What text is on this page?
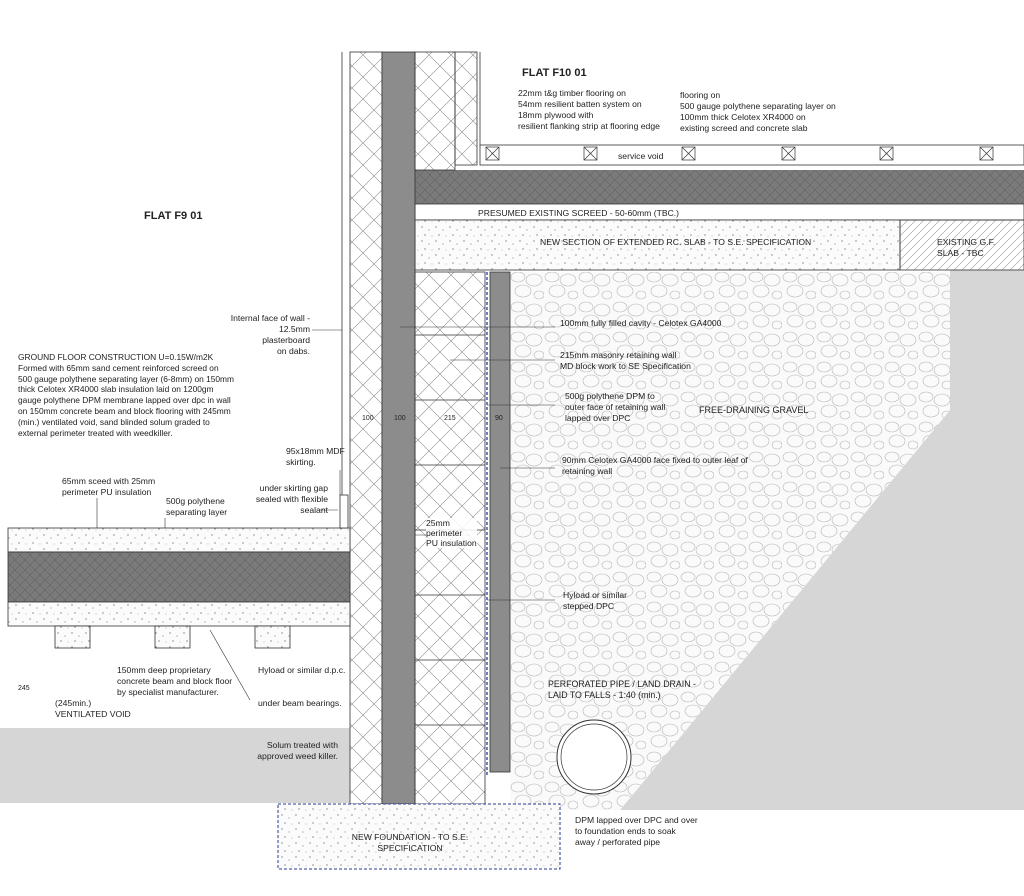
FLAT F10 01
FLAT F9 01
22mm t&g timber flooring on
54mm resilient batten system on
18mm plywood with
resilient flanking strip at flooring edge
flooring on
500 gauge polythene separating layer on
100mm thick Celotex XR4000 on
existing screed and concrete slab
service void
PRESUMED EXISTING SCREED - 50-60mm (TBC.)
NEW SECTION OF EXTENDED RC. SLAB - TO S.E. SPECIFICATION	EXISTING G.F.
SLAB - TBC
Internal face of wall -
12.5mm plasterboard
on dabs.
GROUND FLOOR CONSTRUCTION U=0.15W/m2K
Formed with 65mm sand cement reinforced screed on
500 gauge polythene separating layer (6-8mm) on 150mm
thick Celotex XR4000 slab insulation laid on 1200gm
gauge polythene DPM membrane lapped over dpc in wall
on 150mm concrete beam and block flooring with 245mm
(min.) ventilated void, sand blinded solum graded to
external perimeter treated with weedkiller.
100mm fully filled cavity - Celotex GA4000
215mm masonry retaining wall
MD block work to SE Specification
500g polythene DPM to
outer face of retaining wall
lapped over DPC
FREE-DRAINING GRAVEL
90mm Celotex GA4000 face fixed to outer leaf of
retaining wall
25mm
perimeter
PU insulation
Hyload or similar
stepped DPC
PERFORATED PIPE / LAND DRAIN -
LAID TO FALLS - 1:40 (min.)
DPM lapped over DPC and over
to foundation ends to soak
away / perforated pipe
95x18mm MDF
skirting.
under skirting gap
sealed with flexible
sealant
65mm sceed with 25mm
perimeter PU insulation
500g polythene
separating layer
150mm deep proprietary
concrete beam and block floor
by specialist manufacturer.
Hyload or similar d.p.c.
under beam bearings.
(245min.)
VENTILATED VOID
Solum treated with
approved weed killer.
NEW FOUNDATION - TO S.E.
SPECIFICATION
100	100	215	90
245
